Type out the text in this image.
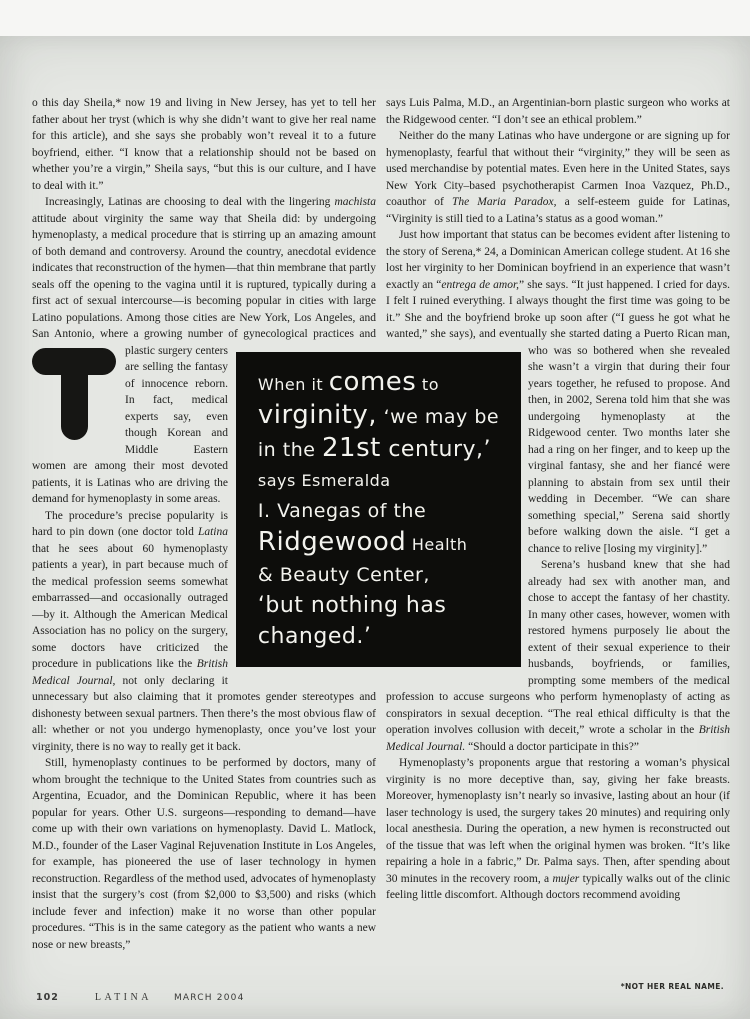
o this day Sheila,* now 19 and living in New Jersey, has yet to tell her father about her tryst (which is why she didn’t want to give her real name for this article), and she says she probably won’t reveal it to a future boyfriend, either. “I know that a relationship should not be based on whether you’re a virgin,” Sheila says, “but this is our culture, and I have to deal with it.”

Increasingly, Latinas are choosing to deal with the lingering machista attitude about virginity the same way that Sheila did: by undergoing hymenoplasty, a medical procedure that is stirring up an amazing amount of both demand and controversy. Around the country, anecdotal evidence indicates that reconstruction of the hymen—that thin membrane that partly seals off the opening to the vagina until it is ruptured, typically during a first act of sexual intercourse—is becoming popular in cities with large Latino populations. Among those cities are New York, Los Angeles, and San Antonio, where a growing number of gynecological practices and plastic surgery centers are selling the fantasy of innocence reborn. In fact, medical experts say, even though Korean and Middle Eastern women are among their most devoted patients, it is Latinas who are driving the demand for hymenoplasty in some areas.

The procedure’s precise popularity is hard to pin down (one doctor told Latina that he sees about 60 hymenoplasty patients a year), in part because much of the medical profession seems somewhat embarrassed—and occasionally outraged—by it. Although the American Medical Association has no policy on the surgery, some doctors have criticized the procedure in publications like the British Medical Journal, not only declaring it unnecessary but also claiming that it promotes gender stereotypes and dishonesty between sexual partners. Then there’s the most obvious flaw of all: whether or not you undergo hymenoplasty, once you’ve lost your virginity, there is no way to really get it back.

Still, hymenoplasty continues to be performed by doctors, many of whom brought the technique to the United States from countries such as Argentina, Ecuador, and the Dominican Republic, where it has been popular for years. Other U.S. surgeons—responding to demand—have come up with their own variations on hymenoplasty. David L. Matlock, M.D., founder of the Laser Vaginal Rejuvenation Institute in Los Angeles, for example, has pioneered the use of laser technology in hymen reconstruction. Regardless of the method used, advocates of hymenoplasty insist that the surgery’s cost (from $2,000 to $3,500) and risks (which include fever and infection) make it no worse than other popular procedures. “This is in the same category as the patient who wants a new nose or new breasts,”

says Luis Palma, M.D., an Argentinian-born plastic surgeon who works at the Ridgewood center. “I don’t see an ethical problem.”

Neither do the many Latinas who have undergone or are signing up for hymenoplasty, fearful that without their “virginity,” they will be seen as used merchandise by potential mates. Even here in the United States, says New York City–based psychotherapist Carmen Inoa Vazquez, Ph.D., coauthor of The Maria Paradox, a self-esteem guide for Latinas, “Virginity is still tied to a Latina’s status as a good woman.”

Just how important that status can be becomes evident after listening to the story of Serena,* 24, a Dominican American college student. At 16 she lost her virginity to her Dominican boyfriend in an experience that wasn’t exactly an “entrega de amor,” she says. “It just happened. I cried for days. I felt I ruined everything. I always thought the first time was going to be it.” She and the boyfriend broke up soon after (“I guess he got what he wanted,” she says), and eventually she started dating a Puerto Rican man, who was so bothered when she revealed she wasn’t a virgin that during their four years together, he refused to propose. And then, in 2002, Serena told him that she was undergoing hymenoplasty at the Ridgewood center. Two months later she had a ring on her finger, and to keep up the virginal fantasy, she and her fiancé were planning to abstain from sex until their wedding in December. “We can share something special,” Serena said shortly before walking down the aisle. “I get a chance to relive [losing my virginity].”

Serena’s husband knew that she had already had sex with another man, and chose to accept the fantasy of her chastity. In many other cases, however, women with restored hymens purposely lie about the extent of their sexual experience to their husbands, boyfriends, or families, prompting some members of the medical profession to accuse surgeons who perform hymenoplasty of acting as conspirators in sexual deception. “The real ethical difficulty is that the operation involves collusion with deceit,” wrote a scholar in the British Medical Journal. “Should a doctor participate in this?”

Hymenoplasty’s proponents argue that restoring a woman’s physical virginity is no more deceptive than, say, giving her fake breasts. Moreover, hymenoplasty isn’t nearly so invasive, lasting about an hour (if laser technology is used, the surgery takes 20 minutes) and requiring only local anesthesia. During the operation, a new hymen is reconstructed out of the tissue that was left when the original hymen was broken. “It’s like repairing a hole in a fabric,” Dr. Palma says. Then, after spending about 30 minutes in the recovery room, a mujer typically walks out of the clinic feeling little discomfort. Although doctors recommend avoiding

When it comes to
virginity, ‘we may be
in the 21st century,’
says Esmeralda
I. Vanegas of the
Ridgewood Health
& Beauty Center,
‘but nothing has
changed.’
*NOT HER REAL NAME.
102	LATINA MARCH 2004
